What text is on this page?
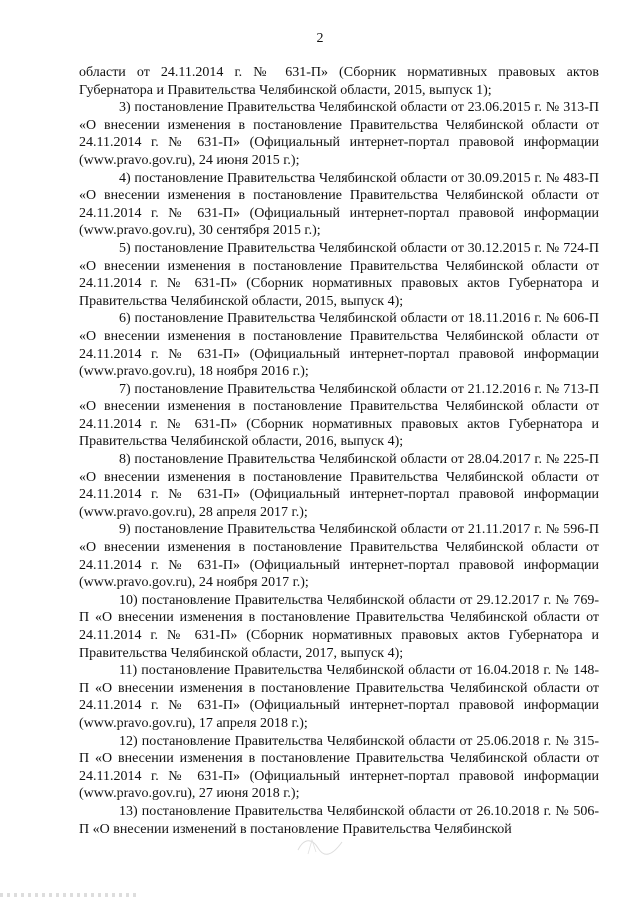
2

области от 24.11.2014 г. № 631-П» (Сборник нормативных правовых актов Губернатора и Правительства Челябинской области, 2015, выпуск 1);

3) постановление Правительства Челябинской области от 23.06.2015 г. № 313-П «О внесении изменения в постановление Правительства Челябинской области от 24.11.2014 г. № 631-П» (Официальный интернет-портал правовой информации (www.pravo.gov.ru), 24 июня 2015 г.);

4) постановление Правительства Челябинской области от 30.09.2015 г. № 483-П «О внесении изменения в постановление Правительства Челябинской области от 24.11.2014 г. № 631-П» (Официальный интернет-портал правовой информации (www.pravo.gov.ru), 30 сентября 2015 г.);

5) постановление Правительства Челябинской области от 30.12.2015 г. № 724-П «О внесении изменения в постановление Правительства Челябинской области от 24.11.2014 г. № 631-П» (Сборник нормативных правовых актов Губернатора и Правительства Челябинской области, 2015, выпуск 4);

6) постановление Правительства Челябинской области от 18.11.2016 г. № 606-П «О внесении изменения в постановление Правительства Челябинской области от 24.11.2014 г. № 631-П» (Официальный интернет-портал правовой информации (www.pravo.gov.ru), 18 ноября 2016 г.);

7) постановление Правительства Челябинской области от 21.12.2016 г. № 713-П «О внесении изменения в постановление Правительства Челябинской области от 24.11.2014 г. № 631-П» (Сборник нормативных правовых актов Губернатора и Правительства Челябинской области, 2016, выпуск 4);

8) постановление Правительства Челябинской области от 28.04.2017 г. № 225-П «О внесении изменения в постановление Правительства Челябинской области от 24.11.2014 г. № 631-П» (Официальный интернет-портал правовой информации (www.pravo.gov.ru), 28 апреля 2017 г.);

9) постановление Правительства Челябинской области от 21.11.2017 г. № 596-П «О внесении изменения в постановление Правительства Челябинской области от 24.11.2014 г. № 631-П» (Официальный интернет-портал правовой информации (www.pravo.gov.ru), 24 ноября 2017 г.);

10) постановление Правительства Челябинской области от 29.12.2017 г. № 769-П «О внесении изменения в постановление Правительства Челябинской области от 24.11.2014 г. № 631-П» (Сборник нормативных правовых актов Губернатора и Правительства Челябинской области, 2017, выпуск 4);

11) постановление Правительства Челябинской области от 16.04.2018 г. № 148-П «О внесении изменения в постановление Правительства Челябинской области от 24.11.2014 г. № 631-П» (Официальный интернет-портал правовой информации (www.pravo.gov.ru), 17 апреля 2018 г.);

12) постановление Правительства Челябинской области от 25.06.2018 г. № 315-П «О внесении изменения в постановление Правительства Челябинской области от 24.11.2014 г. № 631-П» (Официальный интернет-портал правовой информации (www.pravo.gov.ru), 27 июня 2018 г.);

13) постановление Правительства Челябинской области от 26.10.2018 г. № 506-П «О внесении изменений в постановление Правительства Челябинской
